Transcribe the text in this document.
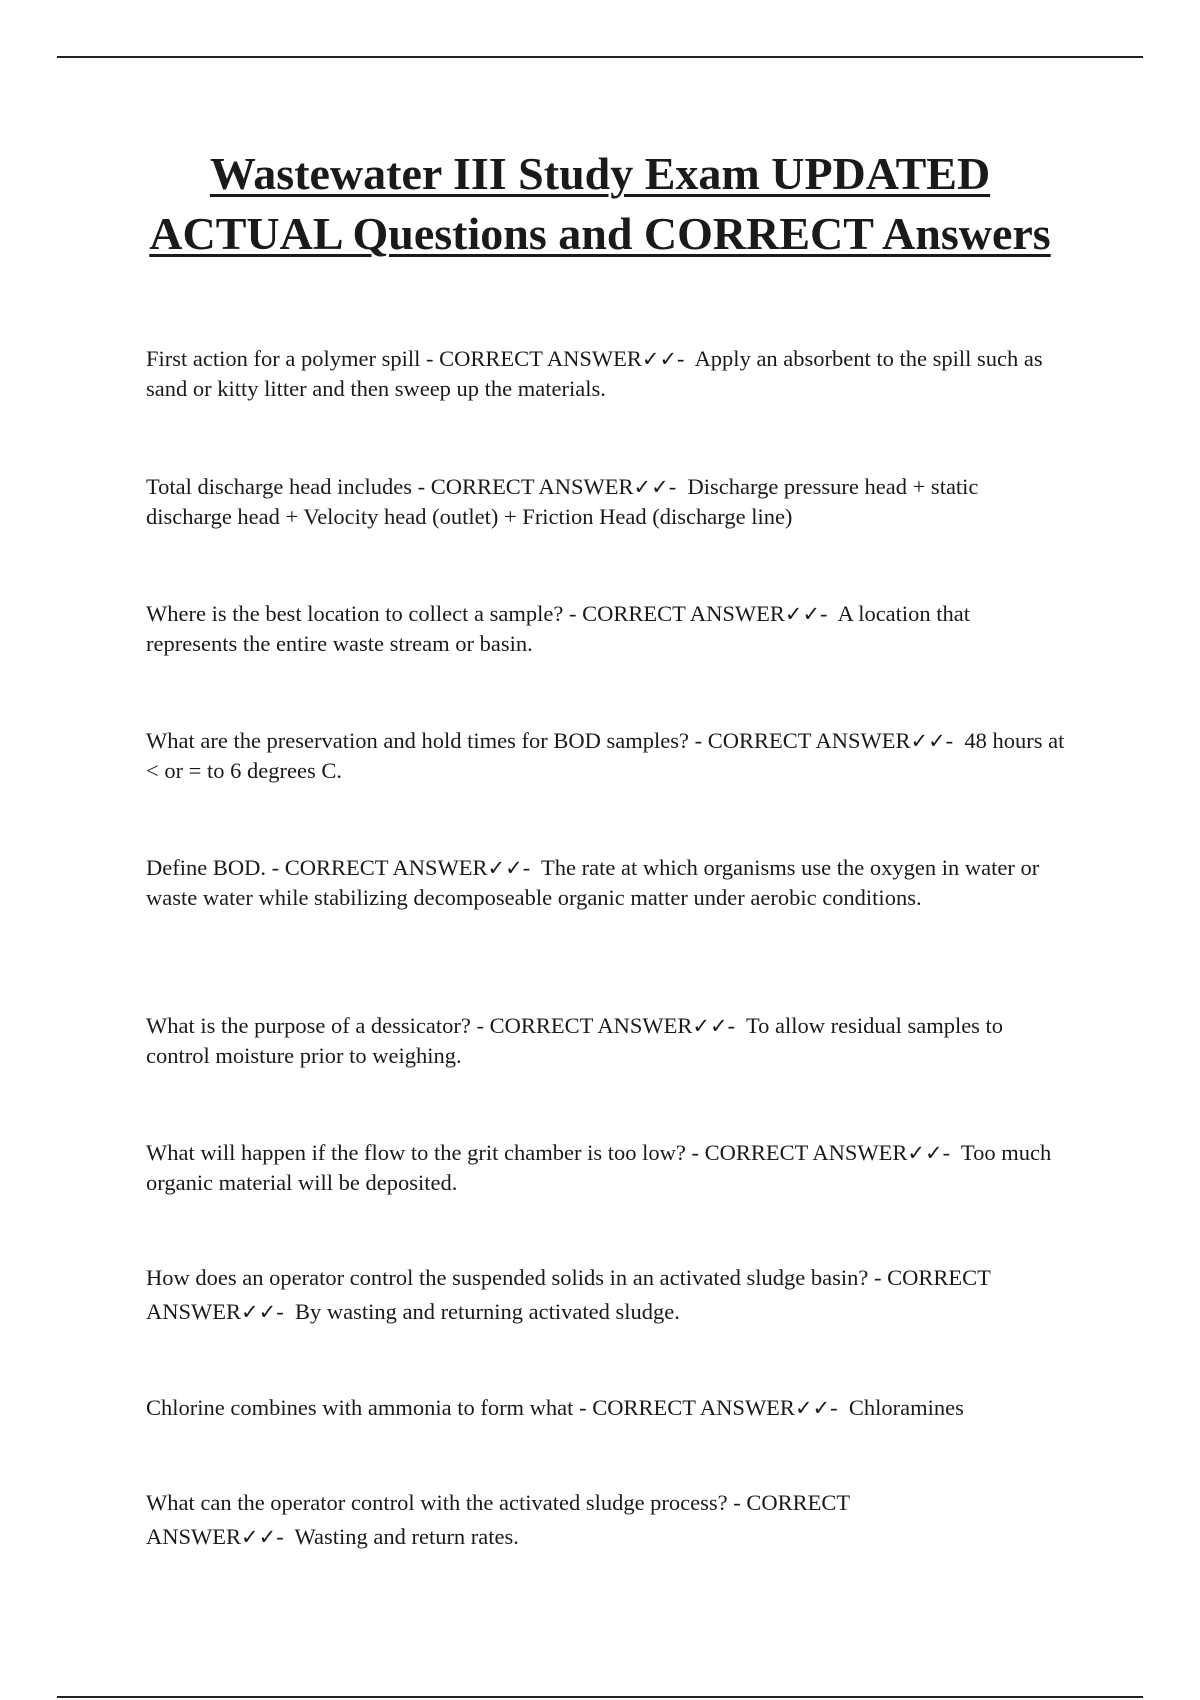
Wastewater III Study Exam UPDATED ACTUAL Questions and CORRECT Answers

First action for a polymer spill - CORRECT ANSWER✓✓-  Apply an absorbent to the spill such as sand or kitty litter and then sweep up the materials.

Total discharge head includes - CORRECT ANSWER✓✓-  Discharge pressure head + static discharge head + Velocity head (outlet) + Friction Head (discharge line)

Where is the best location to collect a sample? - CORRECT ANSWER✓✓-  A location that represents the entire waste stream or basin.

What are the preservation and hold times for BOD samples? - CORRECT ANSWER✓✓-  48 hours at < or = to 6 degrees C.

Define BOD. - CORRECT ANSWER✓✓-  The rate at which organisms use the oxygen in water or waste water while stabilizing decomposeable organic matter under aerobic conditions.

What is the purpose of a dessicator? - CORRECT ANSWER✓✓-  To allow residual samples to control moisture prior to weighing.

What will happen if the flow to the grit chamber is too low? - CORRECT ANSWER✓✓-  Too much organic material will be deposited.

How does an operator control the suspended solids in an activated sludge basin? - CORRECT ANSWER✓✓-  By wasting and returning activated sludge.

Chlorine combines with ammonia to form what - CORRECT ANSWER✓✓-  Chloramines

What can the operator control with the activated sludge process? - CORRECT ANSWER✓✓-  Wasting and return rates.
